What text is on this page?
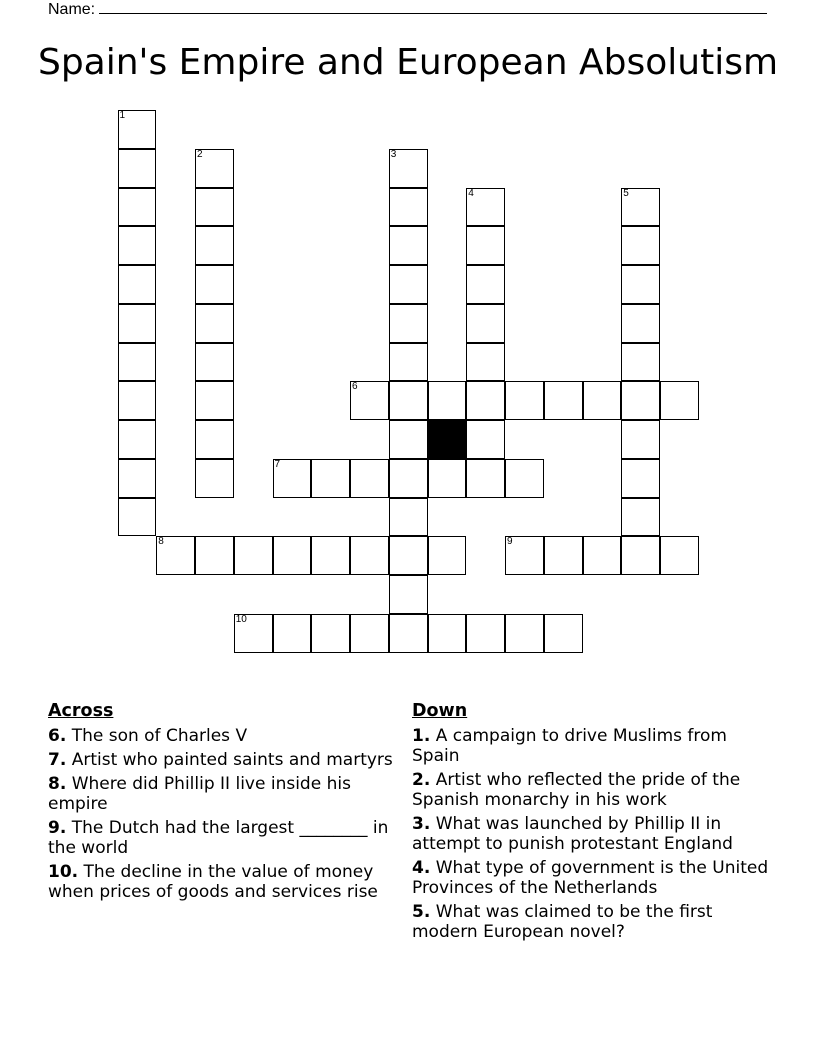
Name:
Spain's Empire and European Absolutism
1
2	3
4	5
6
7
8	9
10
Across
6. The son of Charles V
7. Artist who painted saints and martyrs
8. Where did Phillip II live inside his empire
9. The Dutch had the largest ________ in the world
10. The decline in the value of money when prices of goods and services rise
Down
1. A campaign to drive Muslims from Spain
2. Artist who reflected the pride of the Spanish monarchy in his work
3. What was launched by Phillip II in attempt to punish protestant England
4. What type of government is the United Provinces of the Netherlands
5. What was claimed to be the first modern European novel?
